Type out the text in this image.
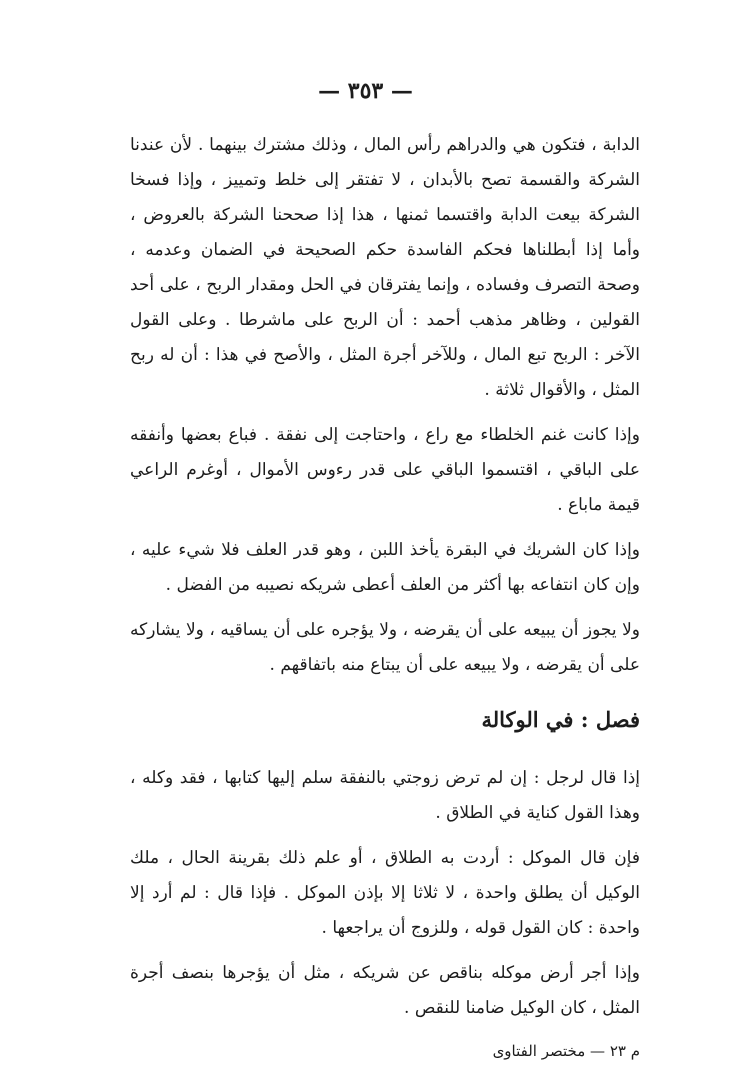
— ٣٥٣ —

الدابة ، فتكون هي والدراهم رأس المال ، وذلك مشترك بينهما . لأن عندنا الشركة والقسمة تصح بالأبدان ، لا تفتقر إلى خلط وتمييز ، وإذا فسخا الشركة بيعت الدابة واقتسما ثمنها ، هذا إذا صححنا الشركة بالعروض ، وأما إذا أبطلناها فحكم الفاسدة حكم الصحيحة في الضمان وعدمه ، وصحة التصرف وفساده ، وإنما يفترقان في الحل ومقدار الربح ، على أحد القولين ، وظاهر مذهب أحمد : أن الربح على ماشرطا . وعلى القول الآخر : الربح تبع المال ، وللآخر أجرة المثل ، والأصح في هذا : أن له ربح المثل ، والأقوال ثلاثة .

وإذا كانت غنم الخلطاء مع راع ، واحتاجت إلى نفقة . فباع بعضها وأنفقه على الباقي ، اقتسموا الباقي على قدر رءوس الأموال ، أوغرم الراعي قيمة ماباع .

وإذا كان الشريك في البقرة يأخذ اللبن ، وهو قدر العلف فلا شيء عليه ، وإن كان انتفاعه بها أكثر من العلف أعطى شريكه نصيبه من الفضل .

ولا يجوز أن يبيعه على أن يقرضه ، ولا يؤجره على أن يساقيه ، ولا يشاركه على أن يقرضه ، ولا يبيعه على أن يبتاع منه باتفاقهم .

فصل : في الوكالة

إذا قال لرجل : إن لم ترض زوجتي بالنفقة سلم إليها كتابها ، فقد وكله ، وهذا القول كناية في الطلاق .

فإن قال الموكل : أردت به الطلاق ، أو علم ذلك بقرينة الحال ، ملك الوكيل أن يطلق واحدة ، لا ثلاثا إلا بإذن الموكل . فإذا قال : لم أرد إلا واحدة : كان القول قوله ، وللزوج أن يراجعها .

وإذا أجر أرض موكله بناقص عن شريكه ، مثل أن يؤجرها بنصف أجرة المثل ، كان الوكيل ضامنا للنقص .

م ٢٣ — مختصر الفتاوى
